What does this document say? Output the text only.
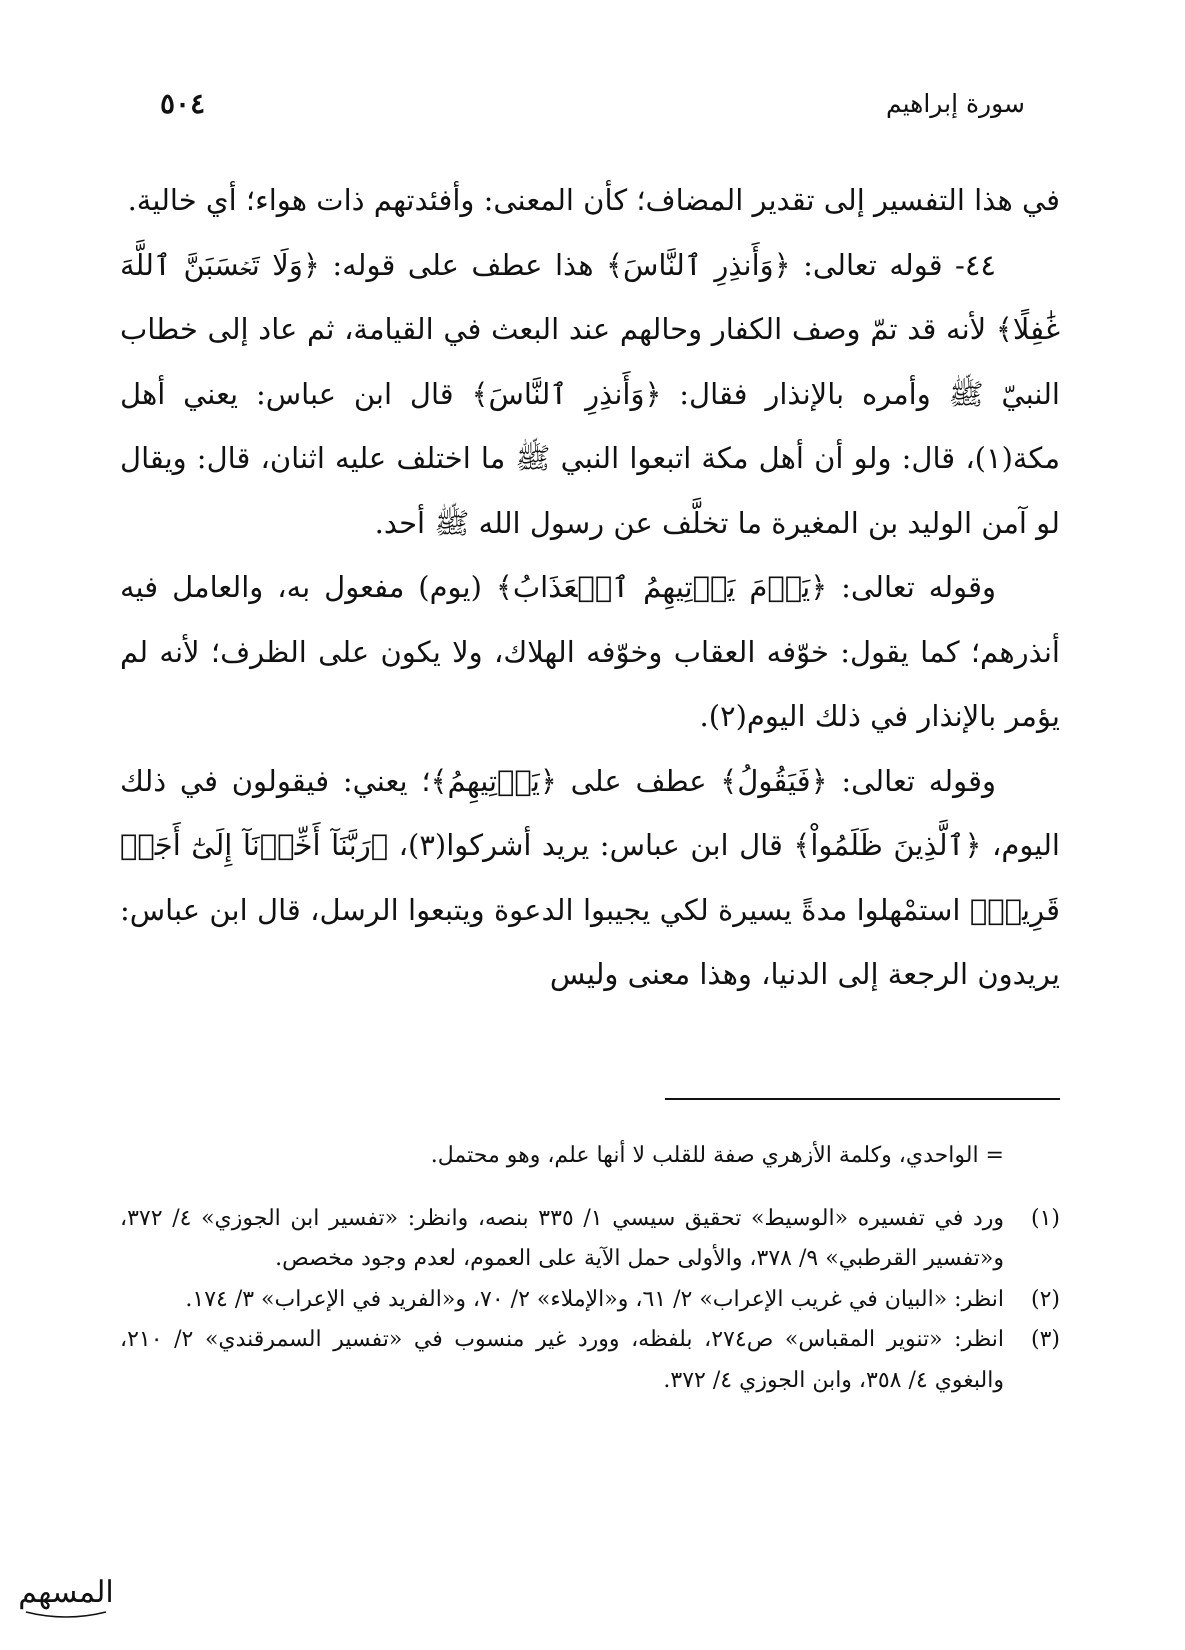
سورة إبراهيم
٥٠٤

في هذا التفسير إلى تقدير المضاف؛ كأن المعنى: وأفئدتهم ذات هواء؛ أي خالية.

٤٤- قوله تعالى: ﴿وَأَنذِرِ ٱلنَّاسَ﴾ هذا عطف على قوله: ﴿وَلَا تَحۡسَبَنَّ ٱللَّهَ غَٰفِلًا﴾ لأنه قد تمّ وصف الكفار وحالهم عند البعث في القيامة، ثم عاد إلى خطاب النبيّ ﷺ وأمره بالإنذار فقال: ﴿وَأَنذِرِ ٱلنَّاسَ﴾ قال ابن عباس: يعني أهل مكة(١)، قال: ولو أن أهل مكة اتبعوا النبي ﷺ ما اختلف عليه اثنان، قال: ويقال لو آمن الوليد بن المغيرة ما تخلَّف عن رسول الله ﷺ أحد.

وقوله تعالى: ﴿يَوۡمَ يَأۡتِيهِمُ ٱلۡعَذَابُ﴾ (يوم) مفعول به، والعامل فيه أنذرهم؛ كما يقول: خوّفه العقاب وخوّفه الهلاك، ولا يكون على الظرف؛ لأنه لم يؤمر بالإنذار في ذلك اليوم(٢).

وقوله تعالى: ﴿فَيَقُولُ﴾ عطف على ﴿يَأۡتِيهِمُ﴾؛ يعني: فيقولون في ذلك اليوم، ﴿ٱلَّذِينَ ظَلَمُواْ﴾ قال ابن عباس: يريد أشركوا(٣)، ﴿رَبَّنَآ أَخِّرۡنَآ إِلَىٰٓ أَجَلٖ قَرِيبٖ﴾ استمْهلوا مدةً يسيرة لكي يجيبوا الدعوة ويتبعوا الرسل، قال ابن عباس: يريدون الرجعة إلى الدنيا، وهذا معنى وليس

= الواحدي، وكلمة الأزهري صفة للقلب لا أنها علم، وهو محتمل.

(١)
ورد في تفسيره «الوسيط» تحقيق سيسي ١/ ٣٣٥ بنصه، وانظر: «تفسير ابن الجوزي» ٤/ ٣٧٢، و«تفسير القرطبي» ٩/ ٣٧٨، والأولى حمل الآية على العموم، لعدم وجود مخصص.
(٢)
انظر: «البيان في غريب الإعراب» ٢/ ٦١، و«الإملاء» ٢/ ٧٠، و«الفريد في الإعراب» ٣/ ١٧٤.
(٣)
انظر: «تنوير المقباس» ص٢٧٤، بلفظه، وورد غير منسوب في «تفسير السمرقندي» ٢/ ٢١٠، والبغوي ٤/ ٣٥٨، وابن الجوزي ٤/ ٣٧٢.
المسهم
